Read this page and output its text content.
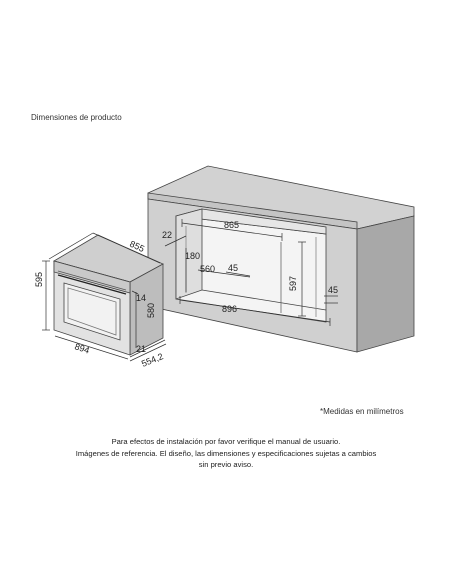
Dimensiones de producto
865
22
180
560 45
597	45
896
855
595
894
14
580
21
554,2
*Medidas en milímetros
Para efectos de instalación por favor verifique el manual de usuario.
Imágenes de referencia. El diseño, las dimensiones y especificaciones sujetas a cambios
sin previo aviso.
